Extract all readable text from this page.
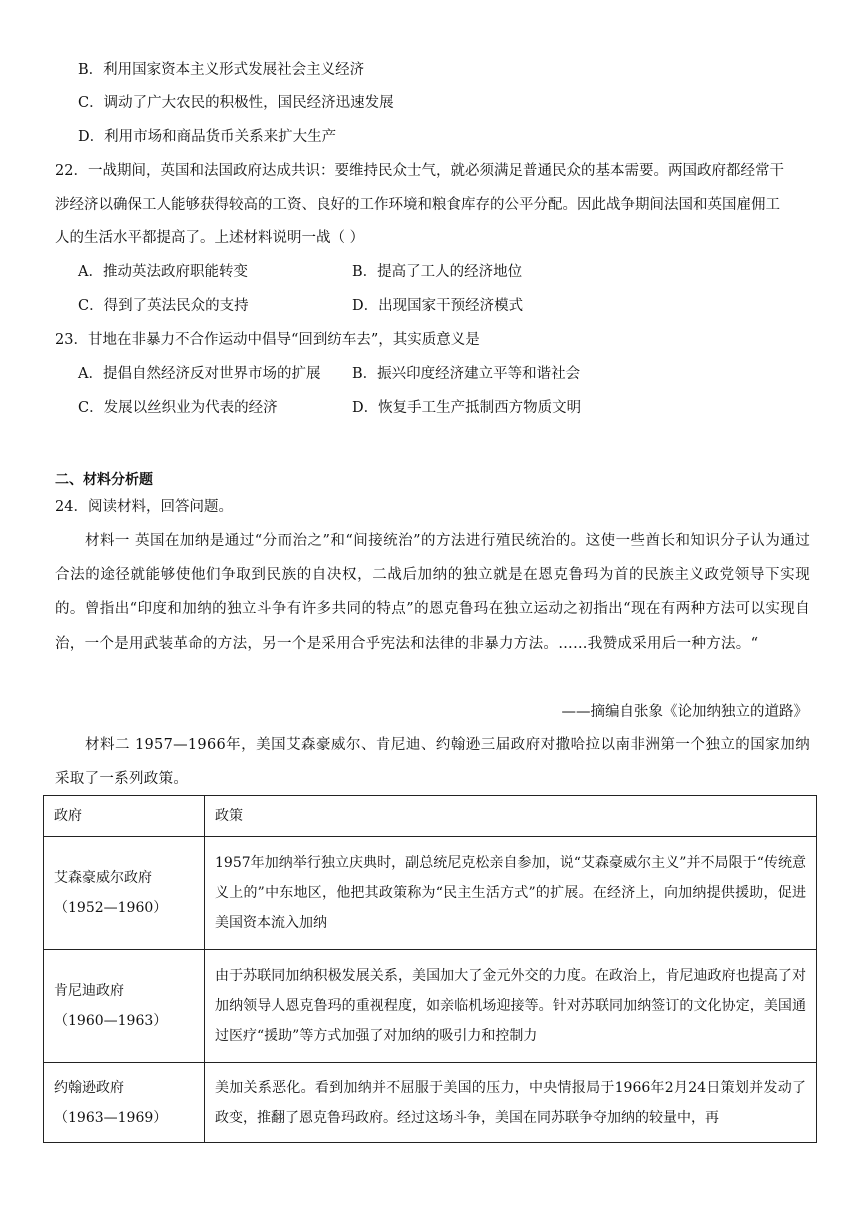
B．利用国家资本主义形式发展社会主义经济
C．调动了广大农民的积极性，国民经济迅速发展
D．利用市场和商品货币关系来扩大生产
22．一战期间，英国和法国政府达成共识：要维持民众士气，就必须满足普通民众的基本需要。两国政府都经常干
涉经济以确保工人能够获得较高的工资、良好的工作环境和粮食库存的公平分配。因此战争期间法国和英国雇佣工
人的生活水平都提高了。上述材料说明一战（ ）
A．推动英法政府职能转变	B．提高了工人的经济地位
C．得到了英法民众的支持	D．出现国家干预经济模式
23．甘地在非暴力不合作运动中倡导“回到纺车去”，其实质意义是
A．提倡自然经济反对世界市场的扩展 B．振兴印度经济建立平等和谐社会
C．发展以丝织业为代表的经济	D．恢复手工生产抵制西方物质文明
二、材料分析题
24．阅读材料，回答问题。
材料一 英国在加纳是通过“分而治之”和“间接统治”的方法进行殖民统治的。这使一些酋长和知识分子认为通过合法的途径就能够使他们争取到民族的自决权，二战后加纳的独立就是在恩克鲁玛为首的民族主义政党领导下实现的。曾指出“印度和加纳的独立斗争有许多共同的特点”的恩克鲁玛在独立运动之初指出“现在有两种方法可以实现自治，一个是用武装革命的方法，另一个是采用合乎宪法和法律的非暴力方法。……我赞成采用后一种方法。“
——摘编自张象《论加纳独立的道路》
材料二 1957—1966年，美国艾森豪威尔、肯尼迪、约翰逊三届政府对撒哈拉以南非洲第一个独立的国家加纳采取了一系列政策。
政府	政策

艾森豪威尔政府
（1952—1960）	1957年加纳举行独立庆典时，副总统尼克松亲自参加，说“艾森豪威尔主义”并不局限于“传统意义上的”中东地区，他把其政策称为“民主生活方式”的扩展。在经济上，向加纳提供援助，促进美国资本流入加纳

肯尼迪政府
（1960—1963）	由于苏联同加纳积极发展关系，美国加大了金元外交的力度。在政治上，肯尼迪政府也提高了对加纳领导人恩克鲁玛的重视程度，如亲临机场迎接等。针对苏联同加纳签订的文化协定，美国通过医疗“援助”等方式加强了对加纳的吸引力和控制力

约翰逊政府
（1963—1969）	美加关系恶化。看到加纳并不屈服于美国的压力，中央情报局于1966年2月24日策划并发动了政变，推翻了恩克鲁玛政府。经过这场斗争，美国在同苏联争夺加纳的较量中，再
